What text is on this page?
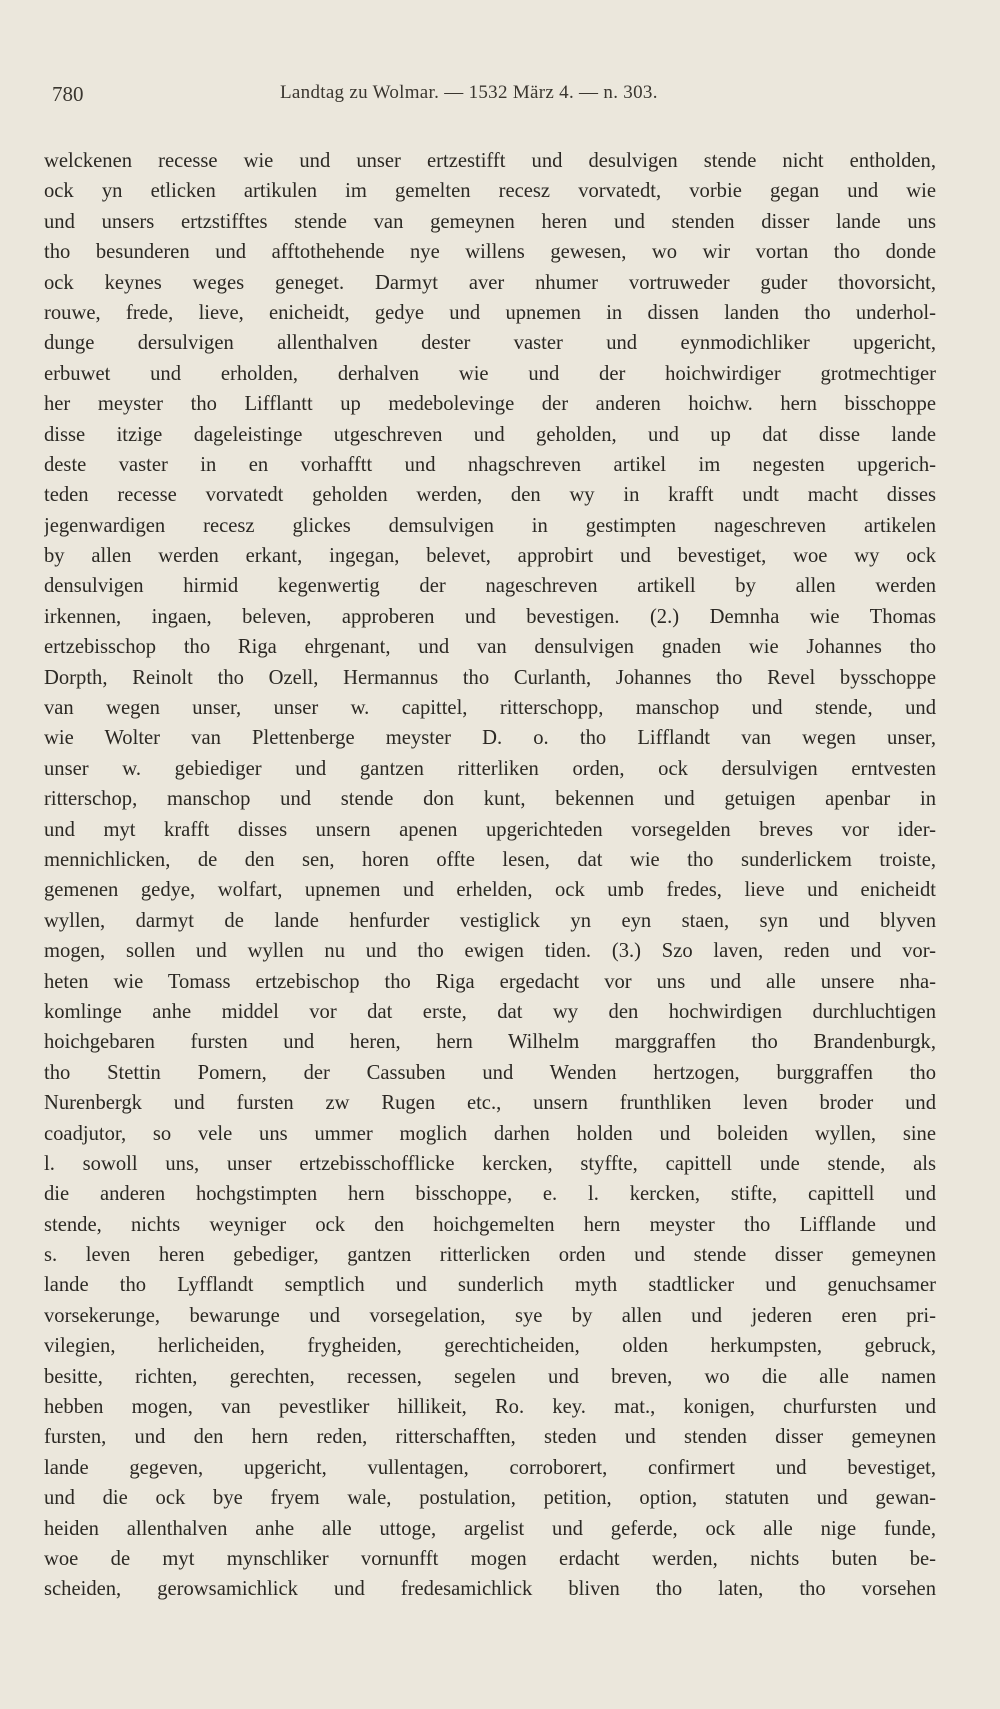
780	Landtag zu Wolmar. — 1532 März 4. — n. 303.
welckenen recesse wie und unser ertzestifft und desulvigen stende nicht entholden,
ock yn etlicken artikulen im gemelten recesz vorvatedt, vorbie gegan und wie
und unsers ertzstifftes stende van gemeynen heren und stenden disser lande uns
tho besunderen und afftothehende nye willens gewesen, wo wir vortan tho donde
ock keynes weges geneget. Darmyt aver nhumer vortruweder guder thovorsicht,
rouwe, frede, lieve, enicheidt, gedye und upnemen in dissen landen tho underhol-
dunge dersulvigen allenthalven dester vaster und eynmodichliker upgericht,
erbuwet und erholden, derhalven wie und der hoichwirdiger grotmechtiger
her meyster tho Lifflantt up medebolevinge der anderen hoichw. hern bisschoppe
disse itzige dageleistinge utgeschreven und geholden, und up dat disse lande
deste vaster in en vorhafftt und nhagschreven artikel im negesten upgerich-
teden recesse vorvatedt geholden werden, den wy in krafft undt macht disses
jegenwardigen recesz glickes demsulvigen in gestimpten nageschreven artikelen
by allen werden erkant, ingegan, belevet, approbirt und bevestiget, woe wy ock
densulvigen hirmid kegenwertig der nageschreven artikell by allen werden
irkennen, ingaen, beleven, approberen und bevestigen. (2.) Demnha wie Thomas
ertzebisschop tho Riga ehrgenant, und van densulvigen gnaden wie Johannes tho
Dorpth, Reinolt tho Ozell, Hermannus tho Curlanth, Johannes tho Revel bysschoppe
van wegen unser, unser w. capittel, ritterschopp, manschop und stende, und
wie Wolter van Plettenberge meyster D. o. tho Lifflandt van wegen unser,
unser w. gebiediger und gantzen ritterliken orden, ock dersulvigen erntvesten
ritterschop, manschop und stende don kunt, bekennen und getuigen apenbar in
und myt krafft disses unsern apenen upgerichteden vorsegelden breves vor ider-
mennichlicken, de den sen, horen offte lesen, dat wie tho sunderlickem troiste,
gemenen gedye, wolfart, upnemen und erhelden, ock umb fredes, lieve und enicheidt
wyllen, darmyt de lande henfurder vestiglick yn eyn staen, syn und blyven
mogen, sollen und wyllen nu und tho ewigen tiden. (3.) Szo laven, reden und vor-
heten wie Tomass ertzebischop tho Riga ergedacht vor uns und alle unsere nha-
komlinge anhe middel vor dat erste, dat wy den hochwirdigen durchluchtigen
hoichgebaren fursten und heren, hern Wilhelm marggraffen tho Brandenburgk,
tho Stettin Pomern, der Cassuben und Wenden hertzogen, burggraffen tho
Nurenbergk und fursten zw Rugen etc., unsern frunthliken leven broder und
coadjutor, so vele uns ummer moglich darhen holden und boleiden wyllen, sine
l. sowoll uns, unser ertzebisschofflicke kercken, styffte, capittell unde stende, als
die anderen hochgstimpten hern bisschoppe, e. l. kercken, stifte, capittell und
stende, nichts weyniger ock den hoichgemelten hern meyster tho Lifflande und
s. leven heren gebediger, gantzen ritterlicken orden und stende disser gemeynen
lande tho Lyfflandt semptlich und sunderlich myth stadtlicker und genuchsamer
vorsekerunge, bewarunge und vorsegelation, sye by allen und jederen eren pri-
vilegien, herlicheiden, frygheiden, gerechticheiden, olden herkumpsten, gebruck,
besitte, richten, gerechten, recessen, segelen und breven, wo die alle namen
hebben mogen, van pevestliker hillikeit, Ro. key. mat., konigen, churfursten und
fursten, und den hern reden, ritterschafften, steden und stenden disser gemeynen
lande gegeven, upgericht, vullentagen, corroborert, confirmert und bevestiget,
und die ock bye fryem wale, postulation, petition, option, statuten und gewan-
heiden allenthalven anhe alle uttoge, argelist und geferde, ock alle nige funde,
woe de myt mynschliker vornunfft mogen erdacht werden, nichts buten be-
scheiden, gerowsamichlick und fredesamichlick bliven tho laten, tho vorsehen
